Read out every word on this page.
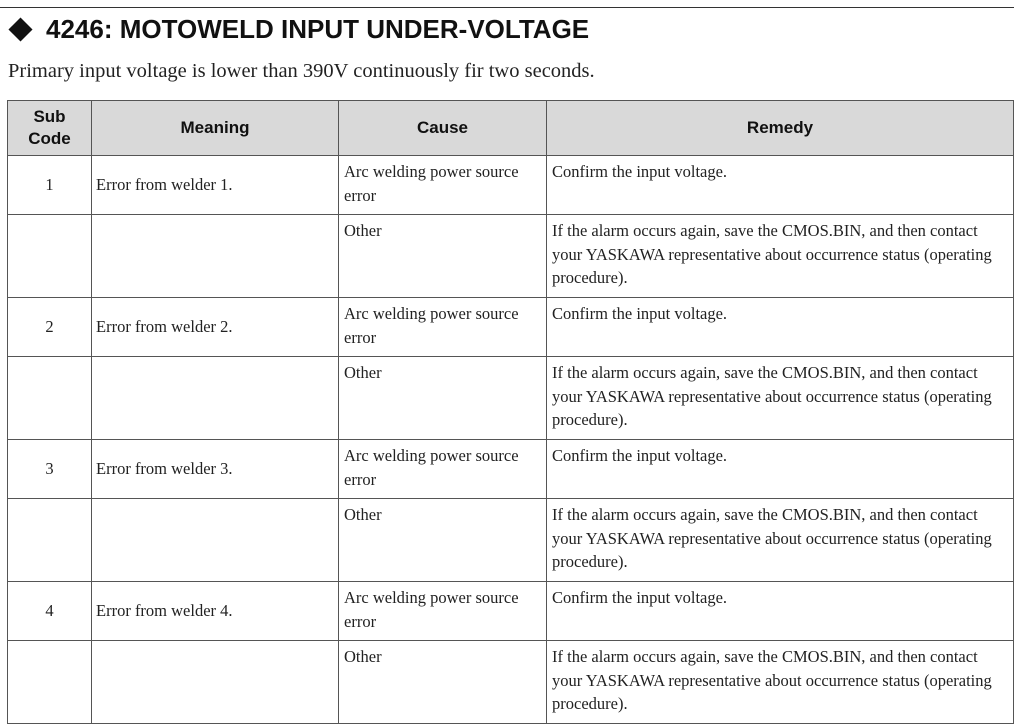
4246: MOTOWELD INPUT UNDER-VOLTAGE
Primary input voltage is lower than 390V continuously fir two seconds.
Sub
Code	Meaning	Cause	Remedy
1	Error from welder 1.	Arc welding power source error	Confirm the input voltage.
		Other	If the alarm occurs again, save the CMOS.BIN, and then contact your YASKAWA representative about occurrence status (operating procedure).
2	Error from welder 2.	Arc welding power source error	Confirm the input voltage.
		Other	If the alarm occurs again, save the CMOS.BIN, and then contact your YASKAWA representative about occurrence status (operating procedure).
3	Error from welder 3.	Arc welding power source error	Confirm the input voltage.
		Other	If the alarm occurs again, save the CMOS.BIN, and then contact your YASKAWA representative about occurrence status (operating procedure).
4	Error from welder 4.	Arc welding power source error	Confirm the input voltage.
		Other	If the alarm occurs again, save the CMOS.BIN, and then contact your YASKAWA representative about occurrence status (operating procedure).
